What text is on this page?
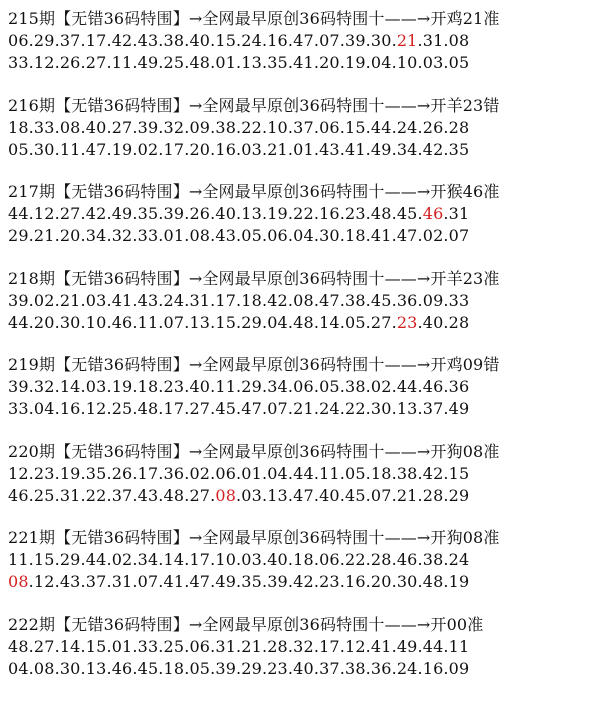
215期【无错36码特围】→全网最早原创36码特围十——→开鸡21准
06.29.37.17.42.43.38.40.15.24.16.47.07.39.30.21.31.08
33.12.26.27.11.49.25.48.01.13.35.41.20.19.04.10.03.05
216期【无错36码特围】→全网最早原创36码特围十——→开羊23错
18.33.08.40.27.39.32.09.38.22.10.37.06.15.44.24.26.28
05.30.11.47.19.02.17.20.16.03.21.01.43.41.49.34.42.35
217期【无错36码特围】→全网最早原创36码特围十——→开猴46准
44.12.27.42.49.35.39.26.40.13.19.22.16.23.48.45.46.31
29.21.20.34.32.33.01.08.43.05.06.04.30.18.41.47.02.07
218期【无错36码特围】→全网最早原创36码特围十——→开羊23准
39.02.21.03.41.43.24.31.17.18.42.08.47.38.45.36.09.33
44.20.30.10.46.11.07.13.15.29.04.48.14.05.27.23.40.28
219期【无错36码特围】→全网最早原创36码特围十——→开鸡09错
39.32.14.03.19.18.23.40.11.29.34.06.05.38.02.44.46.36
33.04.16.12.25.48.17.27.45.47.07.21.24.22.30.13.37.49
220期【无错36码特围】→全网最早原创36码特围十——→开狗08准
12.23.19.35.26.17.36.02.06.01.04.44.11.05.18.38.42.15
46.25.31.22.37.43.48.27.08.03.13.47.40.45.07.21.28.29
221期【无错36码特围】→全网最早原创36码特围十——→开狗08准
11.15.29.44.02.34.14.17.10.03.40.18.06.22.28.46.38.24
08.12.43.37.31.07.41.47.49.35.39.42.23.16.20.30.48.19
222期【无错36码特围】→全网最早原创36码特围十——→开00准
48.27.14.15.01.33.25.06.31.21.28.32.17.12.41.49.44.11
04.08.30.13.46.45.18.05.39.29.23.40.37.38.36.24.16.09
